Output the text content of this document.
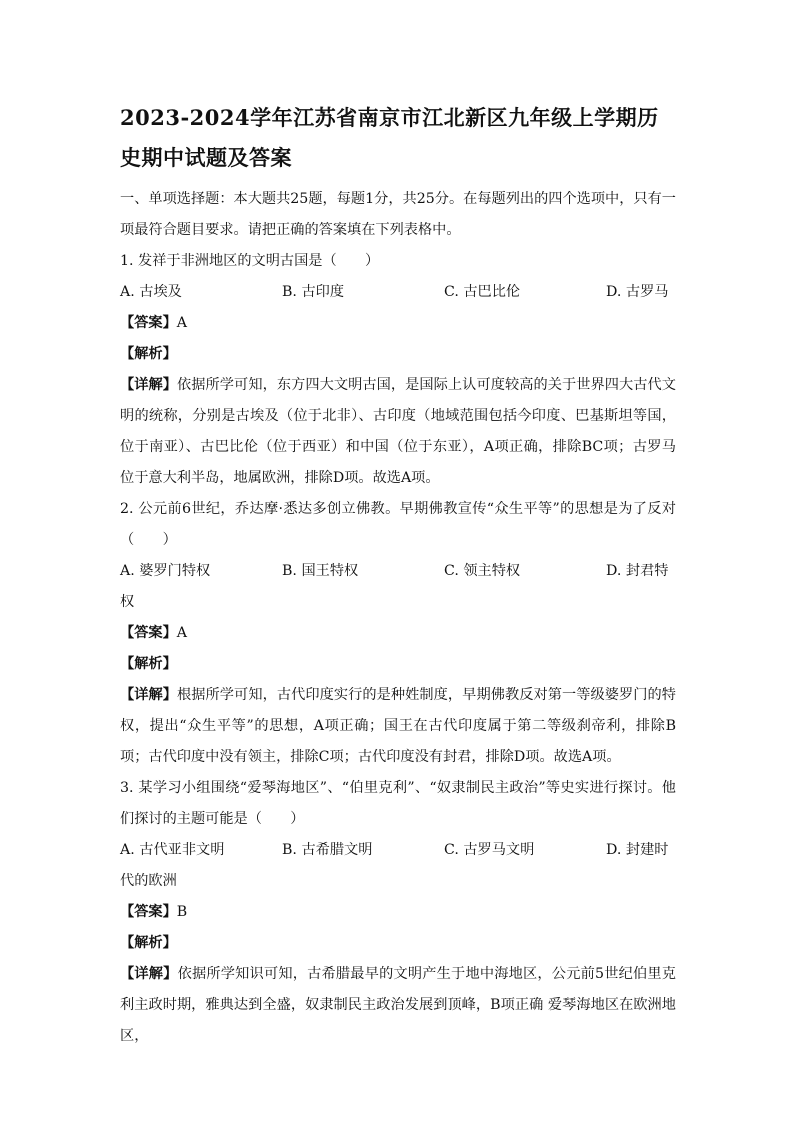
2023-2024学年江苏省南京市江北新区九年级上学期历史期中试题及答案

一、单项选择题：本大题共25题，每题1分，共25分。在每题列出的四个选项中，只有一项最符合题目要求。请把正确的答案填在下列表格中。

1. 发祥于非洲地区的文明古国是（　　）

A. 古埃及	B. 古印度	C. 古巴比伦	D. 古罗马

【答案】A

【解析】

【详解】依据所学可知，东方四大文明古国，是国际上认可度较高的关于世界四大古代文明的统称，分别是古埃及（位于北非）、古印度（地域范围包括今印度、巴基斯坦等国，位于南亚）、古巴比伦（位于西亚）和中国（位于东亚），A项正确，排除BC项；古罗马位于意大利半岛，地属欧洲，排除D项。故选A项。

2. 公元前6世纪，乔达摩·悉达多创立佛教。早期佛教宣传“众生平等”的思想是为了反对（　　）

A. 婆罗门特权	B. 国王特权	C. 领主特权	D. 封君特

权

【答案】A

【解析】

【详解】根据所学可知，古代印度实行的是种姓制度，早期佛教反对第一等级婆罗门的特权，提出“众生平等”的思想，A项正确；国王在古代印度属于第二等级刹帝利，排除B项；古代印度中没有领主，排除C项；古代印度没有封君，排除D项。故选A项。

3. 某学习小组围绕“爱琴海地区”、“伯里克利”、“奴隶制民主政治”等史实进行探讨。他们探讨的主题可能是（　　）

A. 古代亚非文明	B. 古希腊文明	C. 古罗马文明	D. 封建时

代的欧洲

【答案】B

【解析】

【详解】依据所学知识可知，古希腊最早的文明产生于地中海地区，公元前5世纪伯里克利主政时期，雅典达到全盛，奴隶制民主政治发展到顶峰，B项正确 爱琴海地区在欧洲地区，
